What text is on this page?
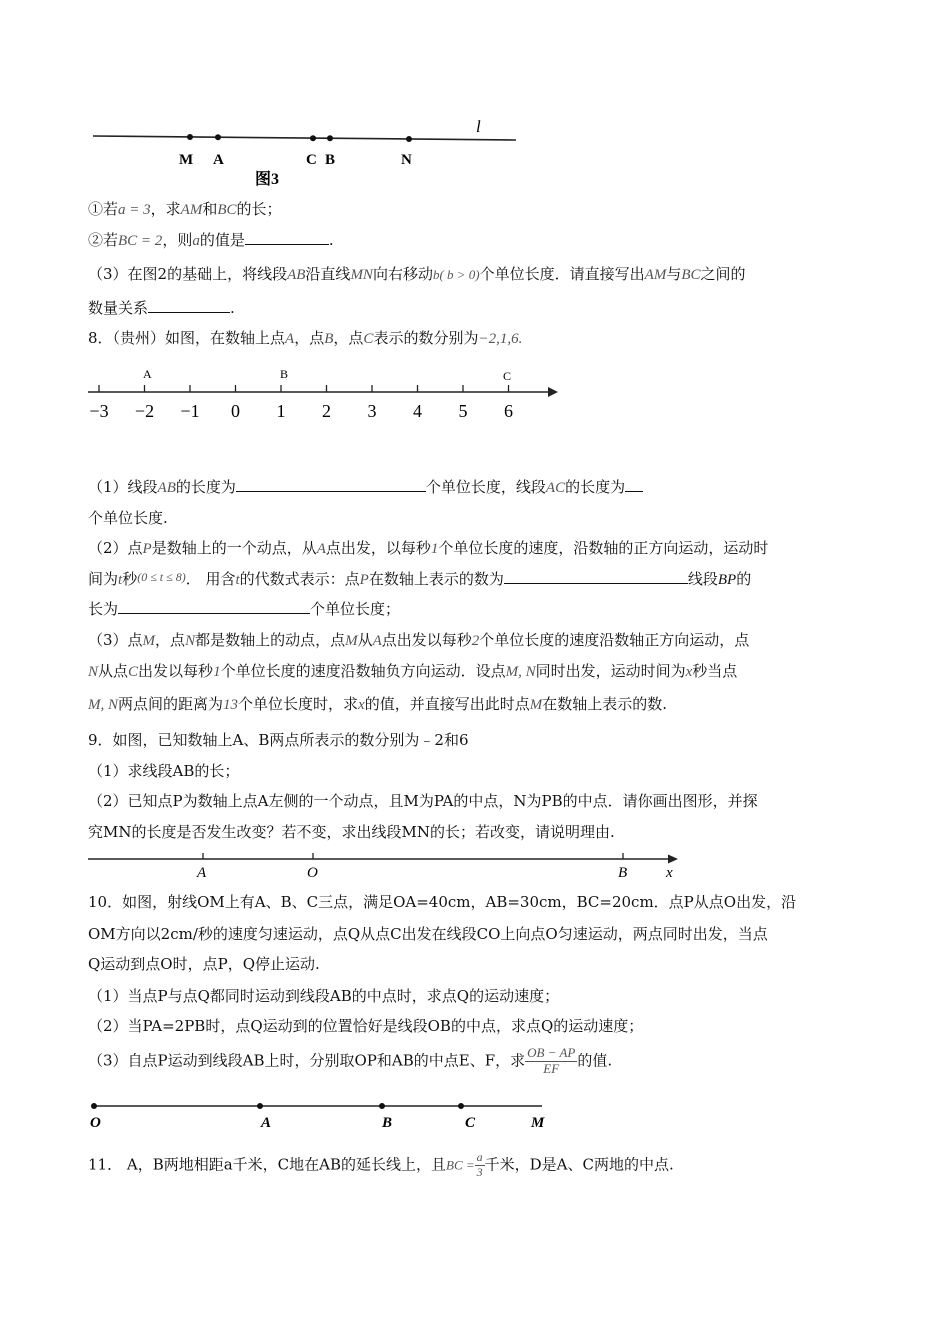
l
M A	C B	N
图3
①若a = 3，求AM和BC的长；
②若BC = 2，则a的值是	.
（3）在图2的基础上，将线段AB沿直线MN向右移动b( b > 0)个单位长度．请直接写出AM与BC之间的
数量关系	.
8．（贵州）如图，在数轴上点A，点B，点C表示的数分别为−2,1,6.
−3 −2 −1 0 1 2 3 4 5 6
A	B	C
（1）线段AB的长度为	个单位长度，线段AC的长度为
个单位长度.
（2）点P是数轴上的一个动点，从A点出发，以每秒1个单位长度的速度，沿数轴的正方向运动，运动时
间为t秒$^{(0 \le t \le 8)}$． 用含t的代数式表示：点P在数轴上表示的数为	线段BP的
长为	个单位长度；
（3）点M，点N都是数轴上的动点，点M从A点出发以每秒2个单位长度的速度沿数轴正方向运动，点
N从点C出发以每秒1个单位长度的速度沿数轴负方向运动．设点M, N同时出发，运动时间为x秒当点
M, N两点间的距离为13个单位长度时，求x的值，并直接写出此时点M在数轴上表示的数.
9．如图，已知数轴上A、B两点所表示的数分别为﹣2和6
（1）求线段AB的长；
（2）已知点P为数轴上点A左侧的一个动点，且M为PA的中点，N为PB的中点．请你画出图形，并探
究MN的长度是否发生改变？若不变，求出线段MN的长；若改变，请说明理由.
A	O	B	x
10．如图，射线OM上有A、B、C三点，满足OA=40cm，AB=30cm，BC=20cm．点P从点O出发，沿
OM方向以2cm/秒的速度匀速运动，点Q从点C出发在线段CO上向点O匀速运动，两点同时出发，当点
Q运动到点O时，点P，Q停止运动.
（1）当点P与点Q都同时运动到线段AB的中点时，求点Q的运动速度；
（2）当PA=2PB时，点Q运动到的位置恰好是线段OB的中点，求点Q的运动速度；
（3）自点P运动到线段AB上时，分别取OP和AB的中点E、F，求 $\frac{OB - AP}{EF}$ 的值.
O	A	B	C	M
11． A，B两地相距a千米，C地在AB的延长线上，且BC = $\frac{a}{3}$ 千米，D是A、C两地的中点.
